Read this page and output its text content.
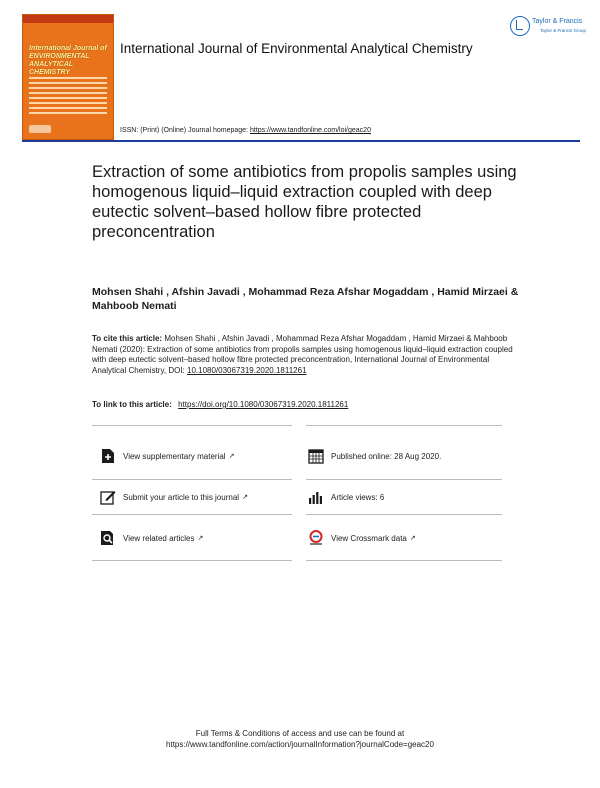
International Journal of ENVIRONMENTAL ANALYTICAL CHEMISTRY
International Journal of Environmental Analytical Chemistry
ISSN: (Print) (Online) Journal homepage: https://www.tandfonline.com/loi/geac20
Taylor & Francis
Taylor & Francis Group
Extraction of some antibiotics from propolis samples using homogenous liquid–liquid extraction coupled with deep eutectic solvent–based hollow fibre protected preconcentration
Mohsen Shahi , Afshin Javadi , Mohammad Reza Afshar Mogaddam , Hamid Mirzaei & Mahboob Nemati
To cite this article: Mohsen Shahi , Afshin Javadi , Mohammad Reza Afshar Mogaddam , Hamid Mirzaei & Mahboob Nemati (2020): Extraction of some antibiotics from propolis samples using homogenous liquid–liquid extraction coupled with deep eutectic solvent–based hollow fibre protected preconcentration, International Journal of Environmental Analytical Chemistry, DOI: 10.1080/03067319.2020.1811261
To link to this article: https://doi.org/10.1080/03067319.2020.1811261
View supplementary material ↗	Published online: 28 Aug 2020.
Submit your article to this journal ↗	Article views: 6
View related articles ↗	View Crossmark data ↗
Full Terms & Conditions of access and use can be found at
https://www.tandfonline.com/action/journalInformation?journalCode=geac20
